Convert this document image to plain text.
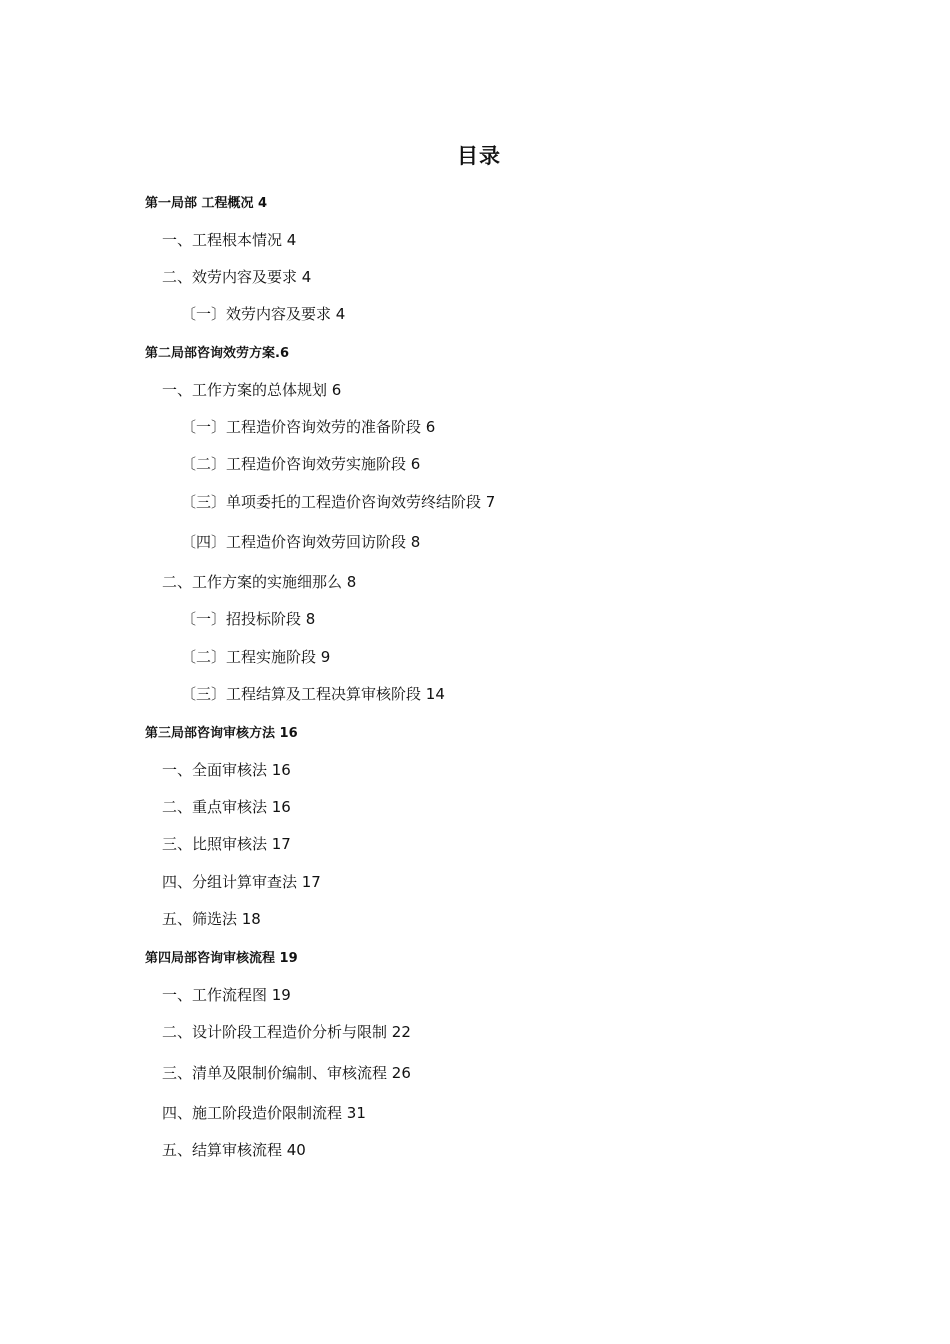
目录
第一局部 工程概况 4
一、工程根本情况 4
二、效劳内容及要求 4
〔一〕效劳内容及要求 4
第二局部咨询效劳方案.6
一、工作方案的总体规划 6
〔一〕工程造价咨询效劳的准备阶段 6
〔二〕工程造价咨询效劳实施阶段 6
〔三〕单项委托的工程造价咨询效劳终结阶段 7
〔四〕工程造价咨询效劳回访阶段 8
二、工作方案的实施细那么 8
〔一〕招投标阶段 8
〔二〕工程实施阶段 9
〔三〕工程结算及工程决算审核阶段 14
第三局部咨询审核方法 16
一、全面审核法 16
二、重点审核法 16
三、比照审核法 17
四、分组计算审查法 17
五、筛选法 18
第四局部咨询审核流程 19
一、工作流程图 19
二、设计阶段工程造价分析与限制 22
三、清单及限制价编制、审核流程 26
四、施工阶段造价限制流程 31
五、结算审核流程 40
